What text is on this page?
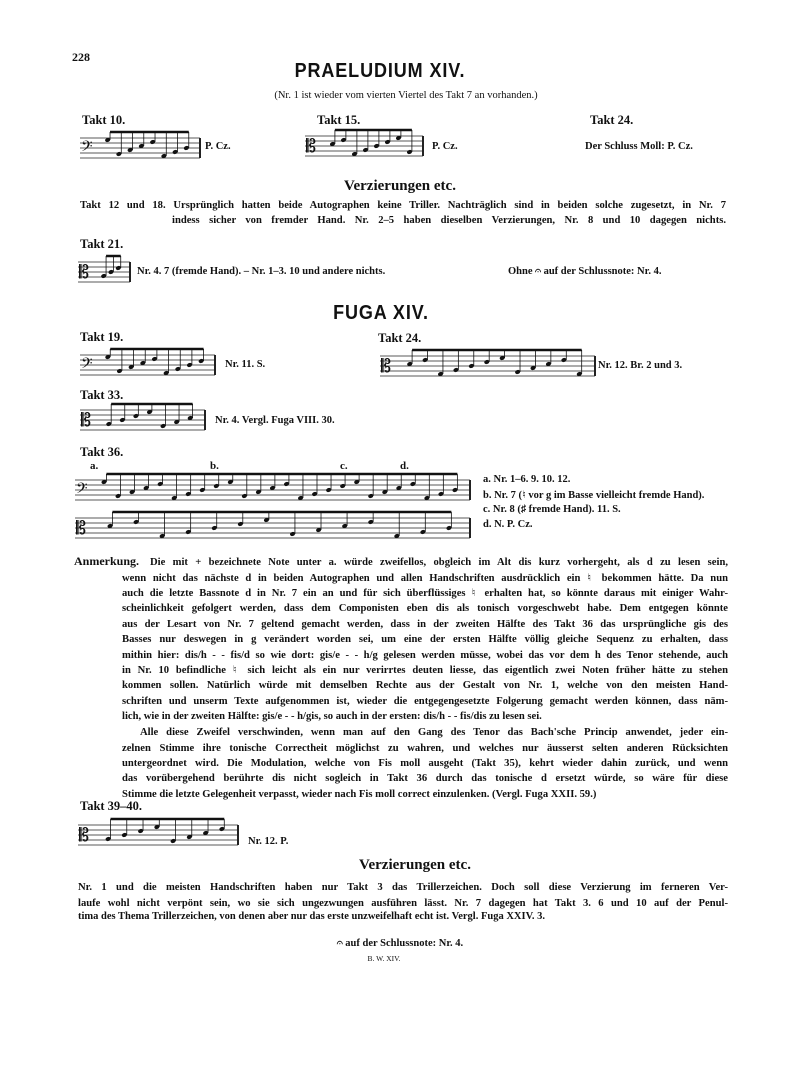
228
PRAELUDIUM XIV.
(Nr. 1 ist wieder vom vierten Viertel des Takt 7 an vorhanden.)
Takt 10.
𝄢	P. Cz.
Takt 15.
𝄡	P. Cz.
Takt 24.
Der Schluss Moll: P. Cz.
Verzierungen etc.
Takt 12 und 18. Ursprünglich hatten beide Autographen keine Triller. Nachträglich sind in beiden solche zugesetzt, in Nr. 7
indess sicher von fremder Hand. Nr. 2–5 haben dieselben Verzierungen, Nr. 8 und 10 dagegen nichts.
Takt 21.
𝄡	Nr. 4. 7 (fremde Hand). – Nr. 1–3. 10 und andere nichts.	Ohne 𝄐 auf der Schlussnote: Nr. 4.
FUGA XIV.
Takt 19.
𝄢	Nr. 11. S.
Takt 24.
𝄡	Nr. 12. Br. 2 und 3.
Takt 33.
𝄡	Nr. 4. Vergl. Fuga VIII. 30.
Takt 36.
a.	b.	c.	d.
𝄢
𝄡
a. Nr. 1–6. 9. 10. 12.
b. Nr. 7 (♮ vor g im Basse vielleicht fremde Hand).
c. Nr. 8 (♯ fremde Hand). 11. S.
d. N. P. Cz.
Anmerkung. Die mit + bezeichnete Note unter a. würde zweifellos, obgleich im Alt dis kurz vorhergeht, als d zu lesen sein,
wenn nicht das nächste d in beiden Autographen und allen Handschriften ausdrücklich ein ♮ bekommen hätte. Da nun
auch die letzte Bassnote d in Nr. 7 ein an und für sich überflüssiges ♮ erhalten hat, so könnte daraus mit einiger Wahr-
scheinlichkeit gefolgert werden, dass dem Componisten eben dis als tonisch vorgeschwebt habe. Dem entgegen könnte
aus der Lesart von Nr. 7 geltend gemacht werden, dass in der zweiten Hälfte des Takt 36 das ursprüngliche gis des
Basses nur deswegen in g verändert worden sei, um eine der ersten Hälfte völlig gleiche Sequenz zu erhalten, dass
mithin hier: dis/h - - fis/d so wie dort: gis/e - - h/g gelesen werden müsse, wobei das vor dem h des Tenor stehende, auch
in Nr. 10 befindliche ♮ sich leicht als ein nur verirrtes deuten liesse, das eigentlich zwei Noten früher hätte zu stehen
kommen sollen. Natürlich würde mit demselben Rechte aus der Gestalt von Nr. 1, welche von den meisten Hand-
schriften und unserm Texte aufgenommen ist, wieder die entgegengesetzte Folgerung gemacht werden können, dass näm-
lich, wie in der zweiten Hälfte: gis/e - - h/gis, so auch in der ersten: dis/h - - fis/dis zu lesen sei.
Alle diese Zweifel verschwinden, wenn man auf den Gang des Tenor das Bach'sche Princip anwendet, jeder ein-
zelnen Stimme ihre tonische Correctheit möglichst zu wahren, und welches nur äusserst selten anderen Rücksichten
untergeordnet wird. Die Modulation, welche von Fis moll ausgeht (Takt 35), kehrt wieder dahin zurück, und wenn
das vorübergehend berührte dis nicht sogleich in Takt 36 durch das tonische d ersetzt würde, so wäre für diese
Stimme die letzte Gelegenheit verpasst, wieder nach Fis moll correct einzulenken. (Vergl. Fuga XXII. 59.)
Takt 39–40.
𝄡	Nr. 12. P.
Verzierungen etc.
Nr. 1 und die meisten Handschriften haben nur Takt 3 das Trillerzeichen. Doch soll diese Verzierung im ferneren Ver-
laufe wohl nicht verpönt sein, wo sie sich ungezwungen ausführen lässt. Nr. 7 dagegen hat Takt 3. 6 und 10 auf der Penul-
tima des Thema Trillerzeichen, von denen aber nur das erste unzweifelhaft echt ist. Vergl. Fuga XXIV. 3.
𝄐 auf der Schlussnote: Nr. 4.
B. W. XIV.
